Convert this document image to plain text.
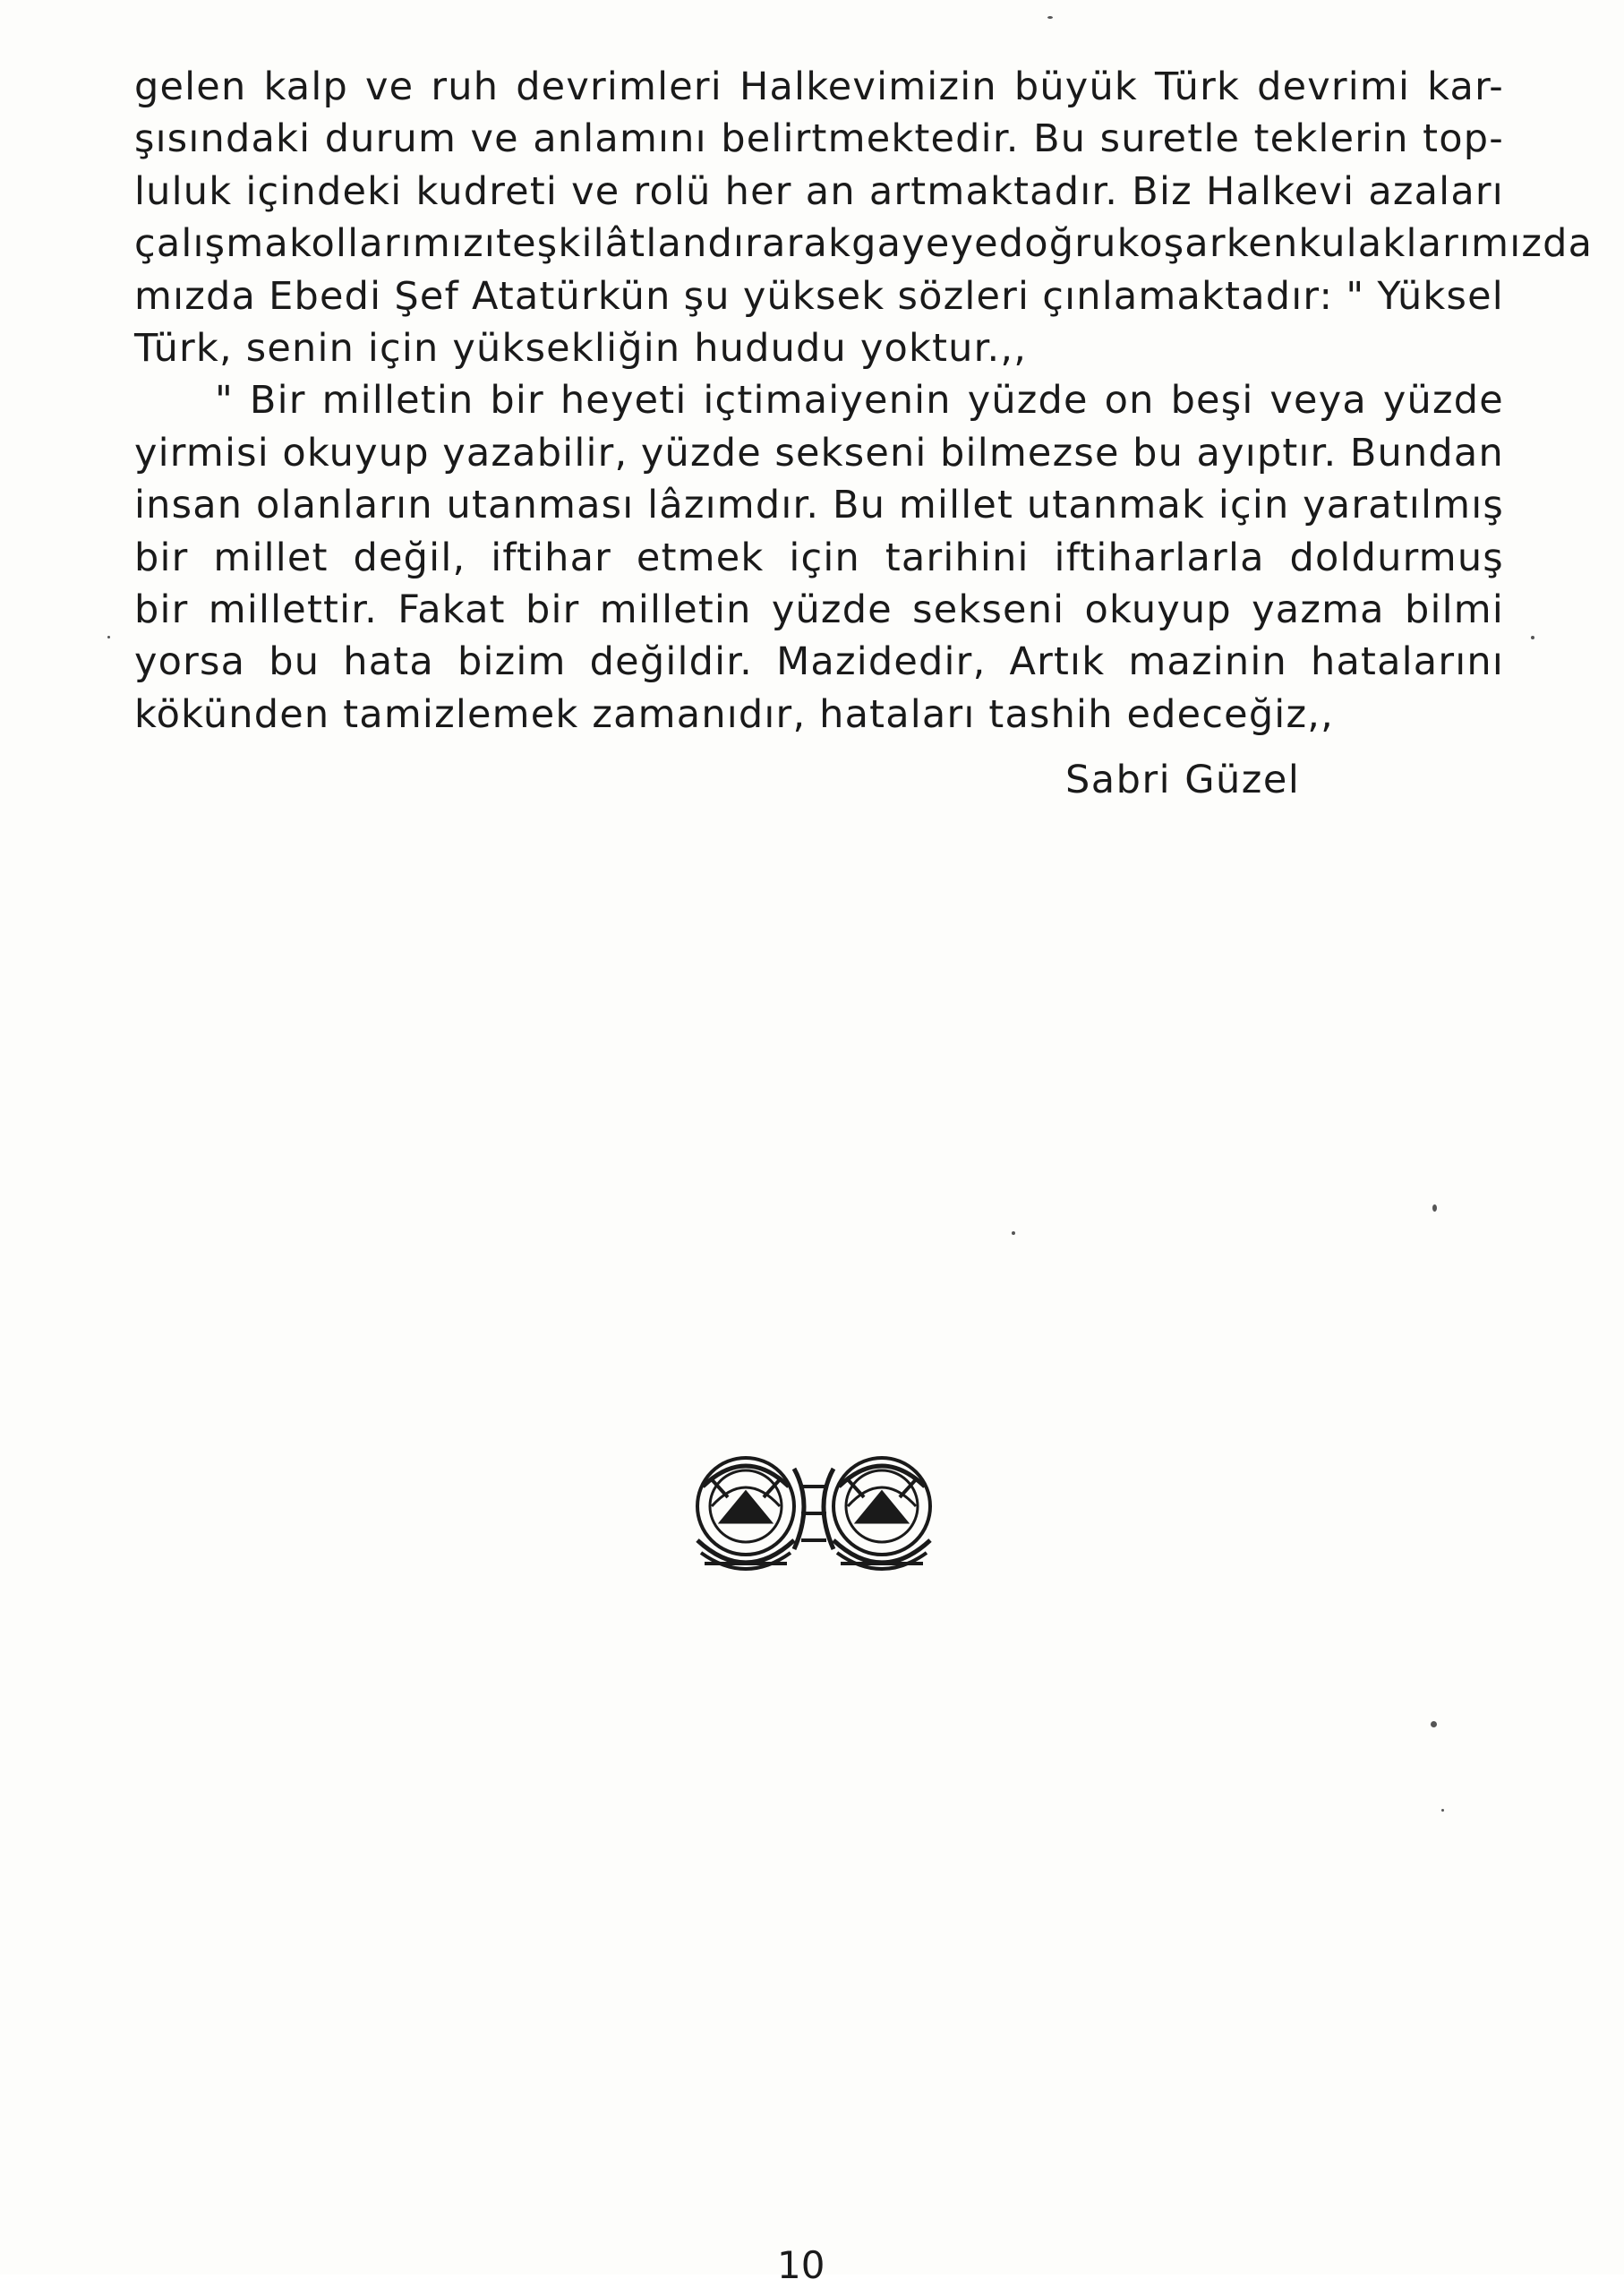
gelen kalp ve ruh devrimleri Halkevimizin büyük Türk devrimi kar-
şısındaki durum ve anlamını belirtmektedir. Bu suretle teklerin top-
luluk içindeki kudreti ve rolü her an artmaktadır. Biz Halkevi azaları
çalışma kollarımızı teşkilâtlandırarak gayeye doğru koşarken kulaklarımızda
mızda Ebedi Şef Atatürkün şu yüksek sözleri çınlamaktadır: " Yüksel
Türk, senin için yüksekliğin hududu yoktur.,,
" Bir milletin bir heyeti içtimaiyenin yüzde on beşi veya yüzde
yirmisi okuyup yazabilir, yüzde sekseni bilmezse bu ayıptır. Bundan
insan olanların utanması lâzımdır. Bu millet utanmak için yaratılmış
bir millet değil, iftihar etmek için tarihini iftiharlarla doldurmuş
bir millettir. Fakat bir milletin yüzde sekseni okuyup yazma bilmi
yorsa bu hata bizim değildir. Mazidedir, Artık mazinin hatalarını
kökünden tamizlemek zamanıdır, hataları tashih edeceğiz,,
Sabri Güzel
10
